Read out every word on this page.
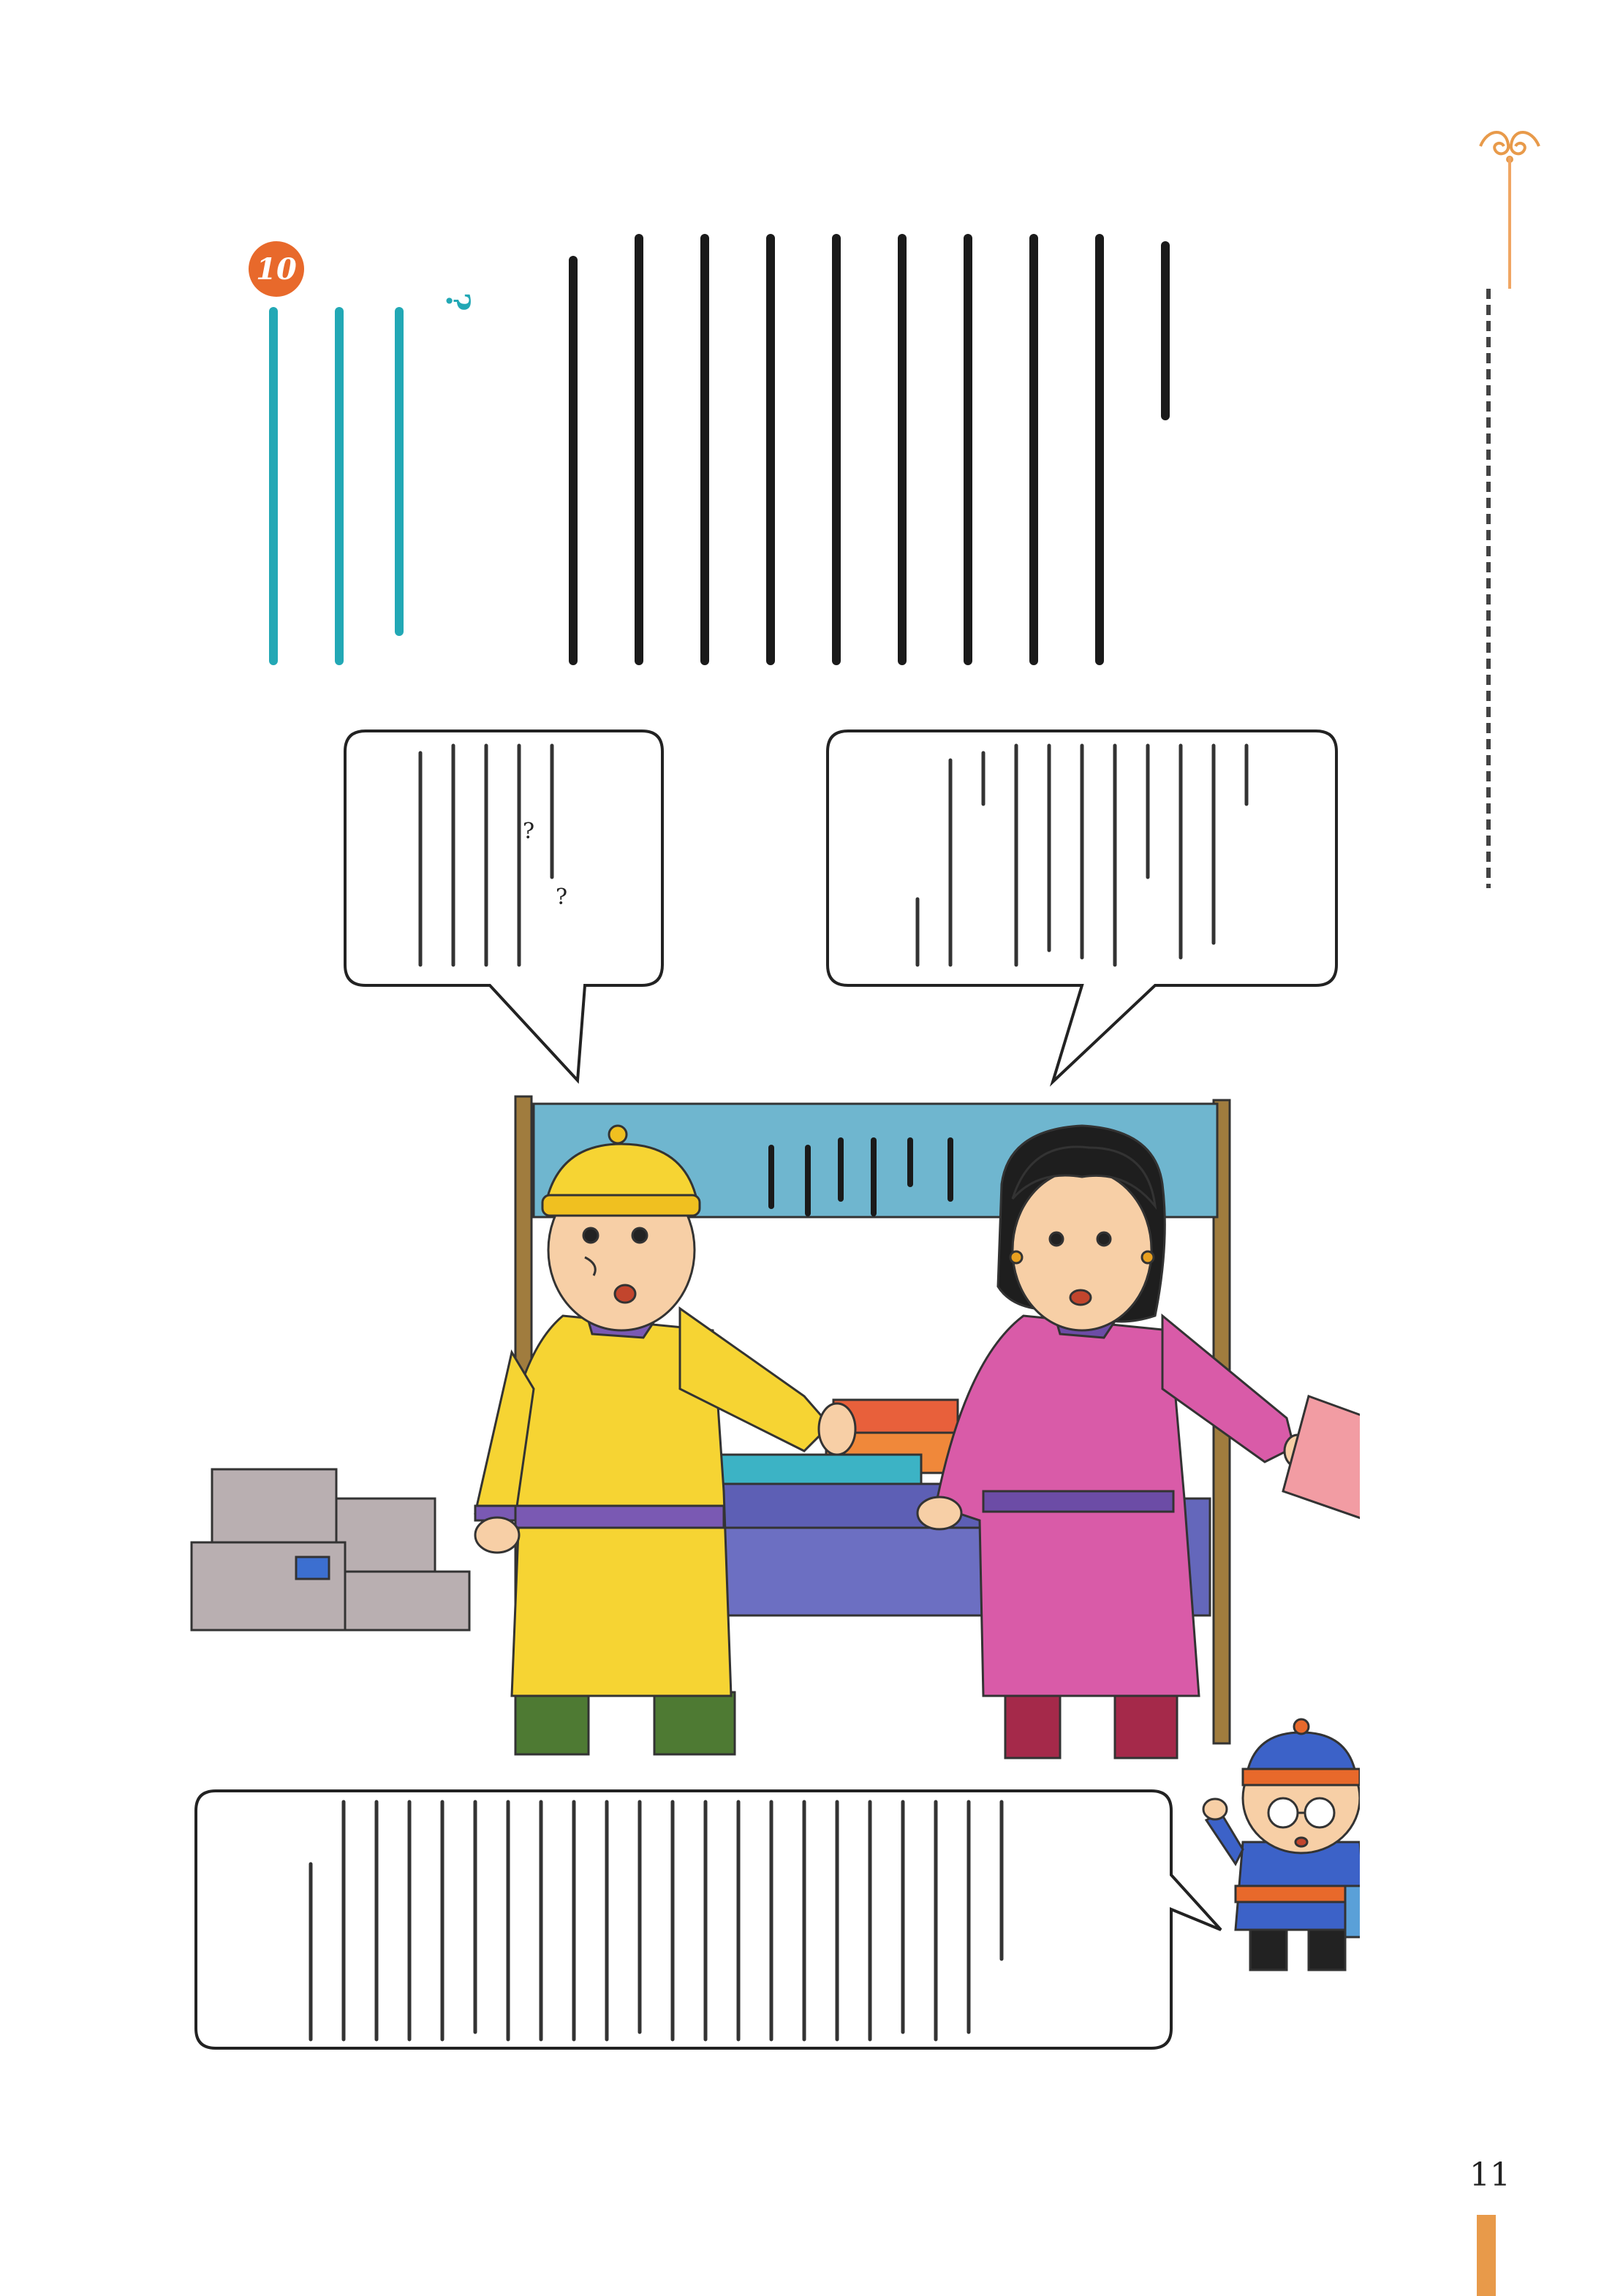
10
?
?
?
11
